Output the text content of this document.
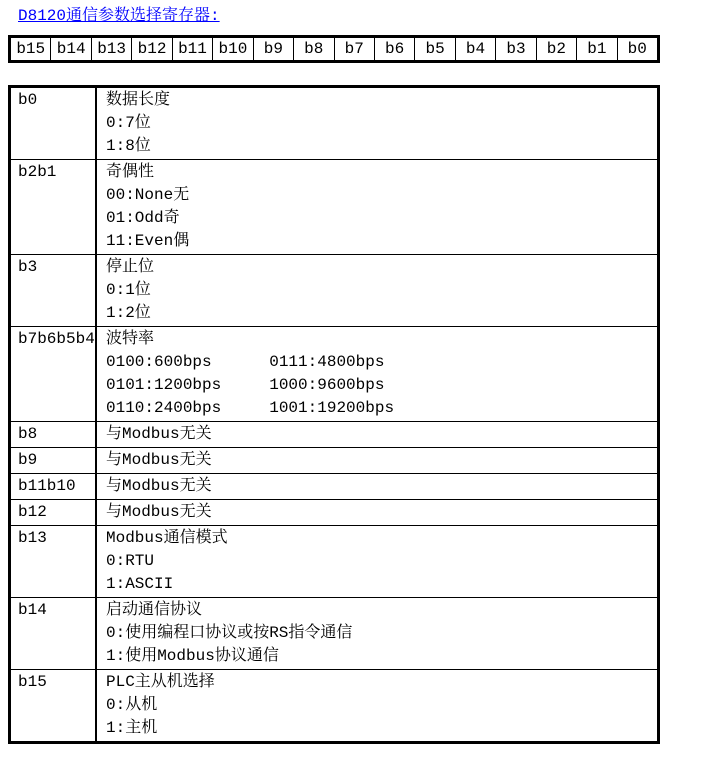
D8120通信参数选择寄存器:
b15 b14 b13 b12 b11 b10	b9	b8	b7	b6	b5	b4	b3	b2	b1	b0
b0	数据长度
0:7位
1:8位
b2b1	奇偶性
00:None无
01:Odd奇
11:Even偶
b3	停止位
0:1位
1:2位
b7b6b5b4 波特率
0100:600bps      0111:4800bps
0101:1200bps     1000:9600bps
0110:2400bps     1001:19200bps
b8	与Modbus无关
b9	与Modbus无关
b11b10	与Modbus无关
b12	与Modbus无关
b13	Modbus通信模式
0:RTU
1:ASCII
b14	启动通信协议
0:使用编程口协议或按RS指令通信
1:使用Modbus协议通信
b15	PLC主从机选择
0:从机
1:主机
